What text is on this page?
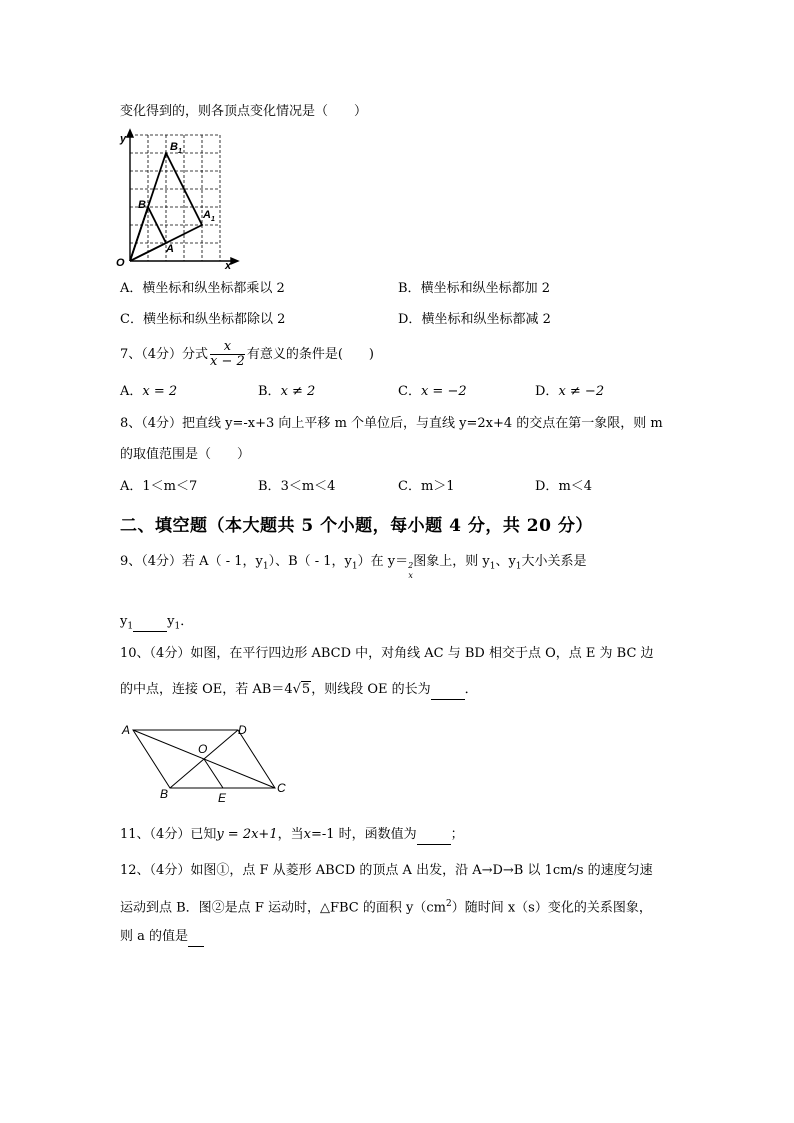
变化得到的，则各顶点变化情况是（　　）
y
x
O
B
A
$B_1$
$A_1$
A．横坐标和纵坐标都乘以 2	B．横坐标和纵坐标都加 2
C．横坐标和纵坐标都除以 2	D．横坐标和纵坐标都减 2
7、（4分）分式 $\frac{x}{x - 2}$ 有意义的条件是(　　)
A．x = 2	B．x ≠ 2	C．x = −2	D．x ≠ −2
8、（4分）把直线 y=-x+3 向上平移 m 个单位后，与直线 y=2x+4 的交点在第一象限，则 m
的取值范围是（　　）
A．1＜m＜7	B．3＜m＜4	C．m＞1	D．m＜4
二、填空题（本大题共 5 个小题，每小题 4 分，共 20 分）
9、（4分）若 A（ - 1，$y_1$）、B（ - 1，$y_1$）在 y＝ 2
x
图象上，则 $y_1$、$y_1$大小关系是
$y_1$	$y_1$．
10、（4分）如图，在平行四边形 ABCD 中，对角线 AC 与 BD 相交于点 O，点 E 为 BC 边
的中点，连接 OE，若 AB＝4√5，则线段 OE 的长为	．
A	D
O
B	E
C
11、（4分）已知y = 2x+1，当x=-1 时，函数值为	；
12、（4分）如图①，点 F 从菱形 ABCD 的顶点 A 出发，沿 A→D→B 以 1cm/s 的速度匀速
运动到点 B．图②是点 F 运动时，△FBC 的面积 $y(cm^2)$随时间 x（s）变化的关系图象，
则 a 的值是
